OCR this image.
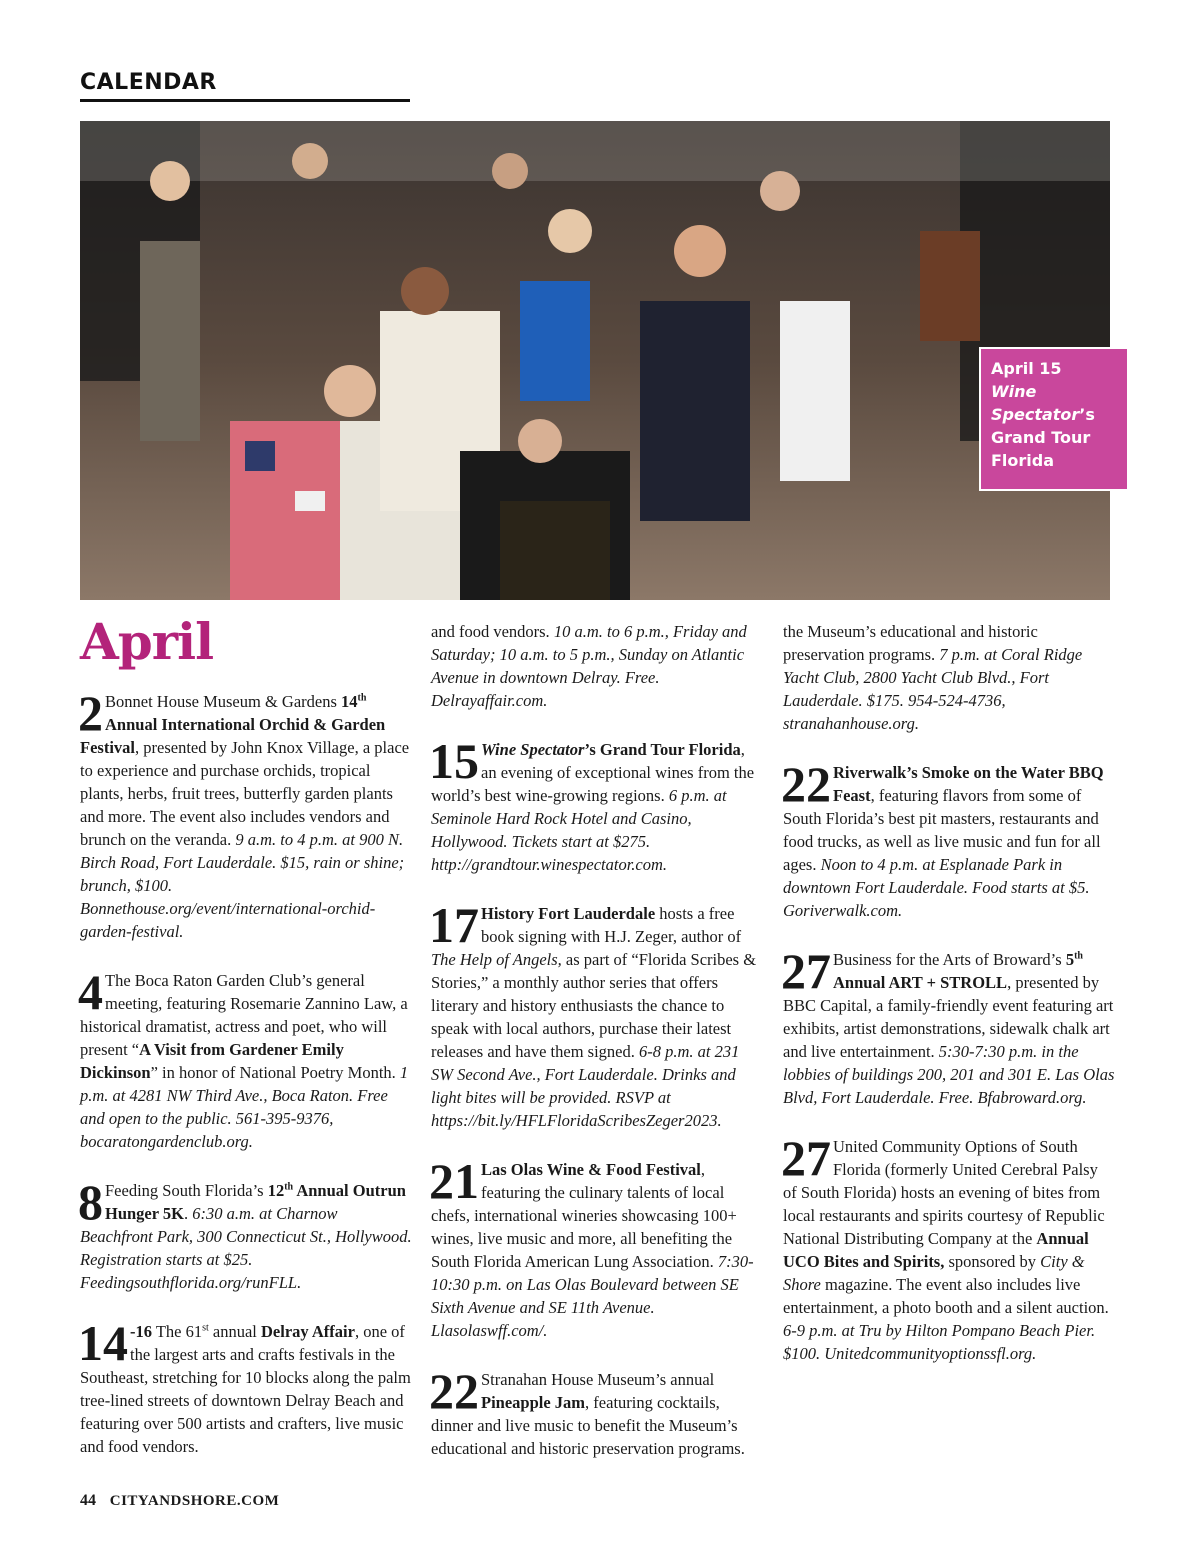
CALENDAR
April 15
Wine
Spectator’s
Grand Tour
Florida
April
2 Bonnet House Museum & Gardens 14th Annual International Orchid & Garden Festival, presented by John Knox Village, a place to experience and purchase orchids, tropical plants, herbs, fruit trees, butterfly garden plants and more. The event also includes vendors and brunch on the veranda. 9 a.m. to 4 p.m. at 900 N. Birch Road, Fort Lauderdale. $15, rain or shine; brunch, $100. Bonnethouse.org/event/international-orchid-garden-festival.
4 The Boca Raton Garden Club’s general meeting, featuring Rosemarie Zannino Law, a historical dramatist, actress and poet, who will present “A Visit from Gardener Emily Dickinson” in honor of National Poetry Month. 1 p.m. at 4281 NW Third Ave., Boca Raton. Free and open to the public. 561-395-9376, bocaratongardenclub.org.
8 Feeding South Florida’s 12th Annual Outrun Hunger 5K. 6:30 a.m. at Charnow Beachfront Park, 300 Connecticut St., Hollywood. Registration starts at $25. Feedingsouthflorida.org/runFLL.
14 -16 The 61st annual Delray Affair, one of the largest arts and crafts festivals in the Southeast, stretching for 10 blocks along the palm tree-lined streets of downtown Delray Beach and featuring over 500 artists and crafters, live music and food vendors.
and food vendors. 10 a.m. to 6 p.m., Friday and Saturday; 10 a.m. to 5 p.m., Sunday on Atlantic Avenue in downtown Delray. Free. Delrayaffair.com.
15 Wine Spectator’s Grand Tour Florida, an evening of exceptional wines from the world’s best wine-growing regions. 6 p.m. at Seminole Hard Rock Hotel and Casino, Hollywood. Tickets start at $275. http://grandtour.winespectator.com.
17 History Fort Lauderdale hosts a free book signing with H.J. Zeger, author of The Help of Angels, as part of “Florida Scribes & Stories,” a monthly author series that offers literary and history enthusiasts the chance to speak with local authors, purchase their latest releases and have them signed. 6-8 p.m. at 231 SW Second Ave., Fort Lauderdale. Drinks and light bites will be provided. RSVP at https://bit.ly/HFLFloridaScribesZeger2023.
21 Las Olas Wine & Food Festival, featuring the culinary talents of local chefs, international wineries showcasing 100+ wines, live music and more, all benefiting the South Florida American Lung Association. 7:30-10:30 p.m. on Las Olas Boulevard between SE Sixth Avenue and SE 11th Avenue. Llasolaswff.com/.
22 Stranahan House Museum’s annual Pineapple Jam, featuring cocktails, dinner and live music to benefit the Museum’s educational and historic preservation programs.
the Museum’s educational and historic preservation programs. 7 p.m. at Coral Ridge Yacht Club, 2800 Yacht Club Blvd., Fort Lauderdale. $175. 954-524-4736, stranahanhouse.org.
22 Riverwalk’s Smoke on the Water BBQ Feast, featuring flavors from some of South Florida’s best pit masters, restaurants and food trucks, as well as live music and fun for all ages. Noon to 4 p.m. at Esplanade Park in downtown Fort Lauderdale. Food starts at $5. Goriverwalk.com.
27 Business for the Arts of Broward’s 5th Annual ART + STROLL, presented by BBC Capital, a family-friendly event featuring art exhibits, artist demonstrations, sidewalk chalk art and live entertainment. 5:30-7:30 p.m. in the lobbies of buildings 200, 201 and 301 E. Las Olas Blvd, Fort Lauderdale. Free. Bfabroward.org.
27 United Community Options of South Florida (formerly United Cerebral Palsy of South Florida) hosts an evening of bites from local restaurants and spirits courtesy of Republic National Distributing Company at the Annual UCO Bites and Spirits, sponsored by City & Shore magazine. The event also includes live entertainment, a photo booth and a silent auction. 6-9 p.m. at Tru by Hilton Pompano Beach Pier. $100. Unitedcommunityoptionssfl.org.
44 CITYANDSHORE.COM
